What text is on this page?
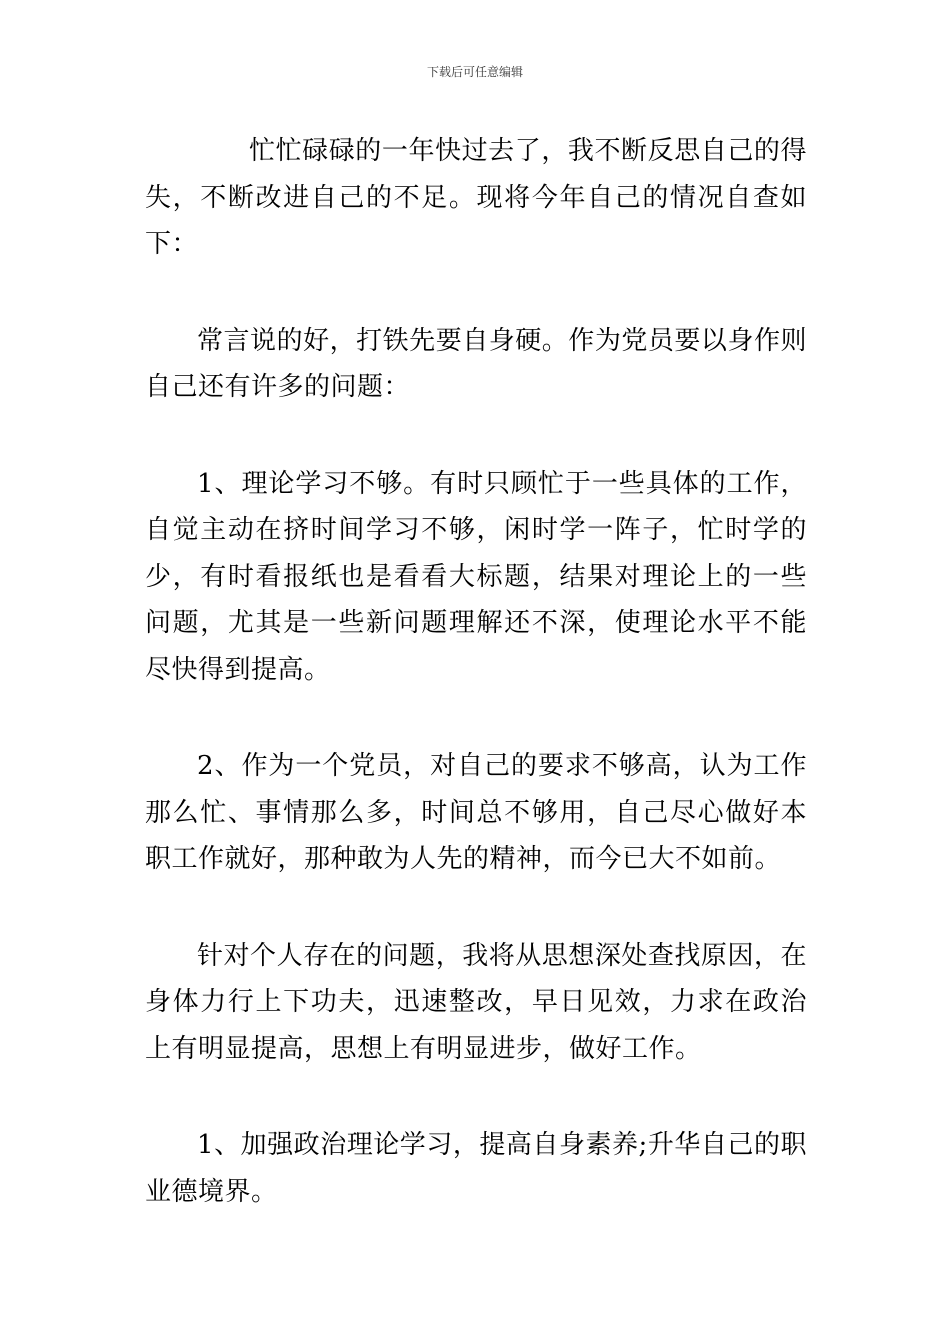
下载后可任意编辑

忙忙碌碌的一年快过去了，我不断反思自己的得失，不断改进自己的不足。现将今年自己的情况自查如下：

常言说的好，打铁先要自身硬。作为党员要以身作则自己还有许多的问题：

1、理论学习不够。有时只顾忙于一些具体的工作，自觉主动在挤时间学习不够，闲时学一阵子，忙时学的少，有时看报纸也是看看大标题，结果对理论上的一些问题，尤其是一些新问题理解还不深，使理论水平不能尽快得到提高。

2、作为一个党员，对自己的要求不够高，认为工作那么忙、事情那么多，时间总不够用，自己尽心做好本职工作就好，那种敢为人先的精神，而今已大不如前。

针对个人存在的问题，我将从思想深处查找原因，在身体力行上下功夫，迅速整改，早日见效，力求在政治上有明显提高，思想上有明显进步，做好工作。

1、加强政治理论学习，提高自身素养;升华自己的职业德境界。
